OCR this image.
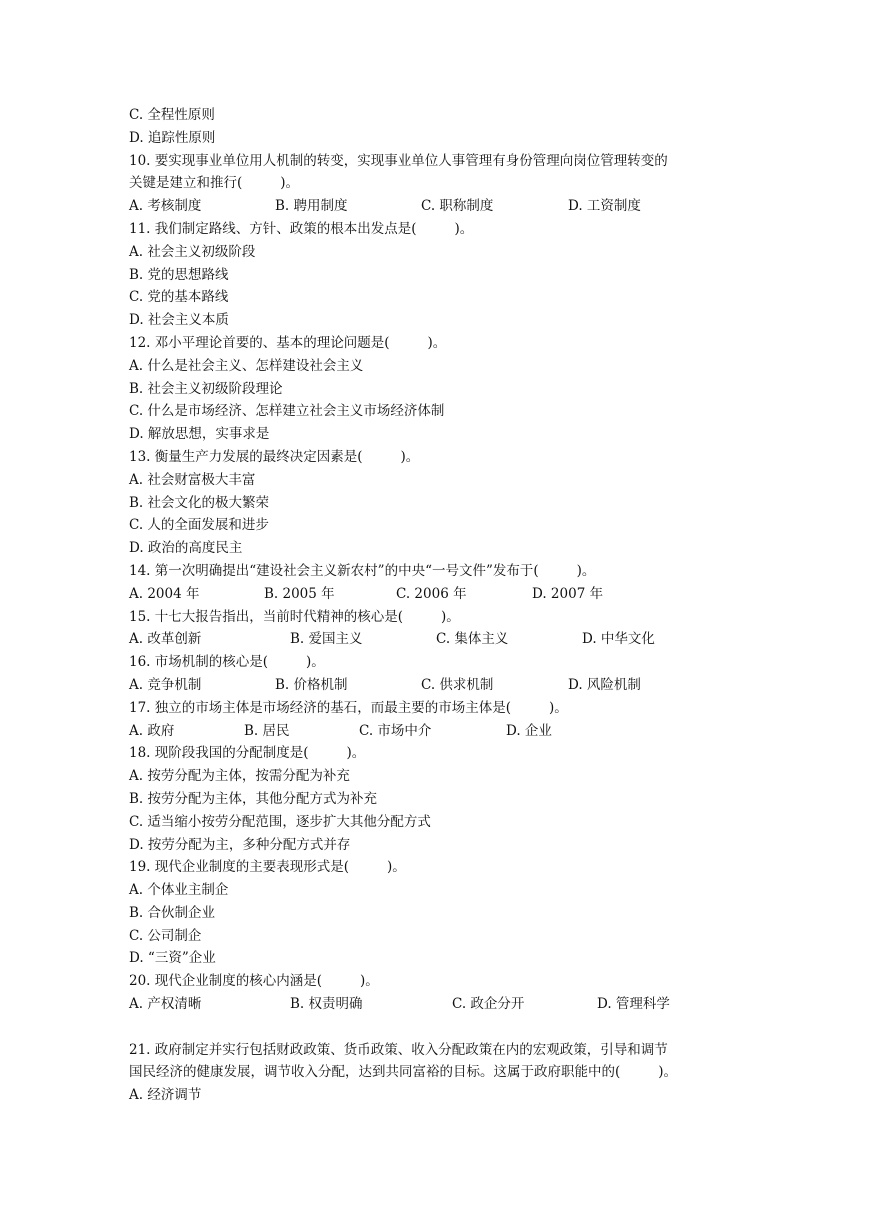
C. 全程性原则
D. 追踪性原则
10. 要实现事业单位用人机制的转变，实现事业单位人事管理有身份管理向岗位管理转变的
关键是建立和推行(	)。
A. 考核制度	B. 聘用制度	C. 职称制度	D. 工资制度
11. 我们制定路线、方针、政策的根本出发点是(	)。
A. 社会主义初级阶段
B. 党的思想路线
C. 党的基本路线
D. 社会主义本质
12. 邓小平理论首要的、基本的理论问题是(	)。
A. 什么是社会主义、怎样建设社会主义
B. 社会主义初级阶段理论
C. 什么是市场经济、怎样建立社会主义市场经济体制
D. 解放思想，实事求是
13. 衡量生产力发展的最终决定因素是(	)。
A. 社会财富极大丰富
B. 社会文化的极大繁荣
C. 人的全面发展和进步
D. 政治的高度民主
14. 第一次明确提出“建设社会主义新农村”的中央“一号文件”发布于(	)。
A. 2004 年	B. 2005 年	C. 2006 年	D. 2007 年
15. 十七大报告指出，当前时代精神的核心是(	)。
A. 改革创新	B. 爱国主义	C. 集体主义	D. 中华文化
16. 市场机制的核心是(	)。
A. 竞争机制	B. 价格机制	C. 供求机制	D. 风险机制
17. 独立的市场主体是市场经济的基石，而最主要的市场主体是(	)。
A. 政府	B. 居民	C. 市场中介	D. 企业
18. 现阶段我国的分配制度是(	)。
A. 按劳分配为主体，按需分配为补充
B. 按劳分配为主体，其他分配方式为补充
C. 适当缩小按劳分配范围，逐步扩大其他分配方式
D. 按劳分配为主，多种分配方式并存
19. 现代企业制度的主要表现形式是(	)。
A. 个体业主制企
B. 合伙制企业
C. 公司制企
D. “三资”企业
20. 现代企业制度的核心内涵是(	)。
A. 产权清晰	B. 权责明确	C. 政企分开	D. 管理科学
21. 政府制定并实行包括财政政策、货币政策、收入分配政策在内的宏观政策，引导和调节
国民经济的健康发展，调节收入分配，达到共同富裕的目标。这属于政府职能中的(	)。
A. 经济调节
